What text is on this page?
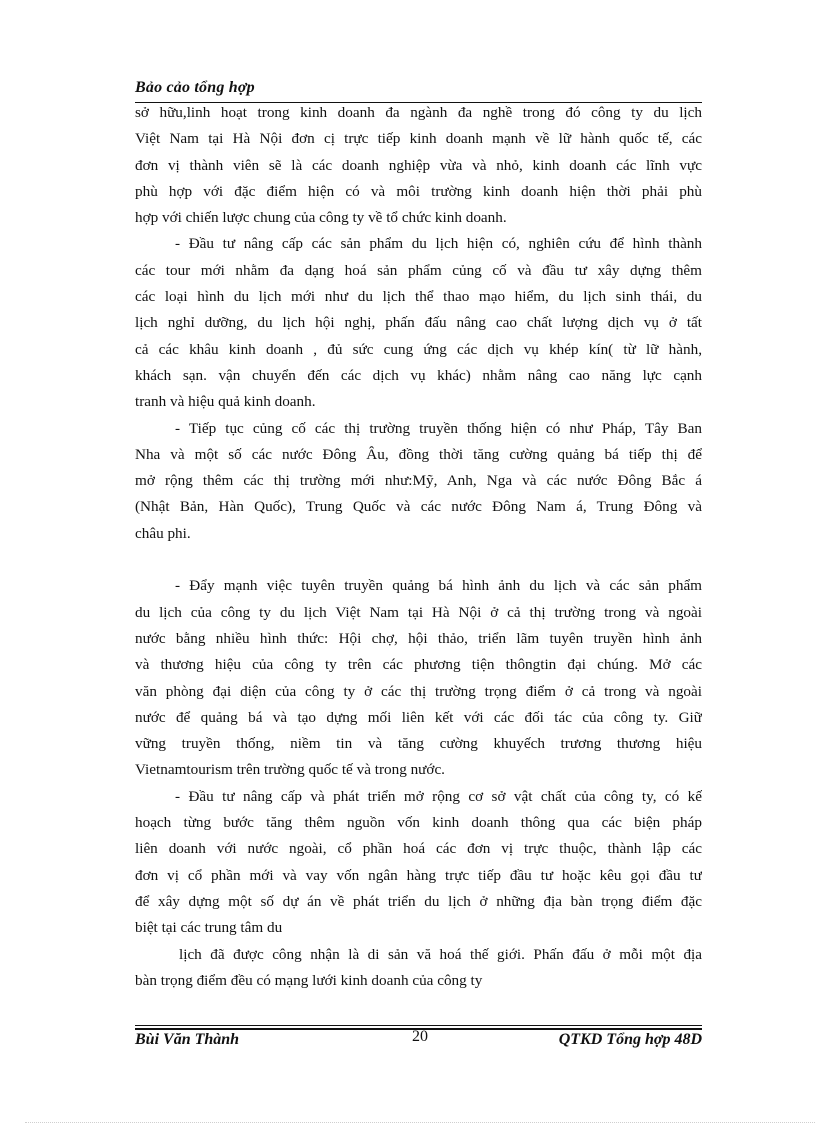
Bảo cảo tổng hợp
sở hữu,linh hoạt trong kinh doanh đa ngành đa nghề trong đó công ty du lịch
Việt Nam tại Hà Nội đơn cị trực tiếp kinh doanh mạnh về lữ hành quốc tế, các
đơn vị thành viên sẽ là các doanh nghiệp vừa và nhỏ, kinh doanh các lĩnh vực
phù hợp với đặc điểm hiện có và môi trường kinh doanh hiện thời phải phù
hợp với chiến lược chung của công ty về tổ chức kinh doanh.
- Đầu tư nâng cấp các sản phẩm du lịch hiện có, nghiên cứu để hình thành
các tour mới nhằm đa dạng hoá sản phẩm củng cố và đầu tư xây dựng thêm
các loại hình du lịch mới như du lịch thể thao mạo hiểm, du lịch sinh thái, du
lịch nghỉ dưỡng, du lịch hội nghị, phấn đấu nâng cao chất lượng dịch vụ ở tất
cả các khâu kinh doanh , đủ sức cung ứng các dịch vụ khép kín( từ lữ hành,
khách sạn. vận chuyển đến các dịch vụ khác) nhằm nâng cao năng lực cạnh
tranh và hiệu quả kinh doanh.
- Tiếp tục củng cố các thị trường truyền thống hiện có như Pháp, Tây Ban
Nha và một số các nước Đông Âu, đồng thời tăng cường quảng bá tiếp thị để
mở rộng thêm các thị trường mới như:Mỹ, Anh, Nga và các nước Đông Bắc á
(Nhật Bản, Hàn Quốc), Trung Quốc và các nước Đông Nam á, Trung Đông và
châu phi.
- Đẩy mạnh việc tuyên truyền quảng bá hình ảnh du lịch và các sản phẩm
du lịch của công ty du lịch Việt Nam tại Hà Nội ở cả thị trường trong và ngoài
nước bằng nhiều hình thức: Hội chợ, hội thảo, triển lãm tuyên truyền hình ảnh
và thương hiệu của công ty trên các phương tiện thôngtin đại chúng. Mở các
văn phòng đại diện của công ty ở các thị trường trọng điểm ở cả trong và ngoài
nước để quảng bá và tạo dựng mối liên kết với các đối tác của công ty. Giữ
vững truyền thống, niềm tin và tăng cường khuyếch trương thương hiệu
Vietnamtourism trên trường quốc tế và trong nước.
- Đầu tư nâng cấp và phát triển mở rộng cơ sở vật chất của công ty, có kế
hoạch từng bước tăng thêm nguồn vốn kinh doanh thông qua các biện pháp
liên doanh với nước ngoài, cổ phần hoá các đơn vị trực thuộc, thành lập các
đơn vị cổ phần mới và vay vốn ngân hàng trực tiếp đầu tư hoặc kêu gọi đầu tư
để xây dựng một số dự án về phát triển du lịch ở những địa bàn trọng điểm đặc
biệt tại các trung tâm du
lịch đã được công nhận là di sản vă hoá thế giới. Phấn đấu ở mỗi một địa
bàn trọng điểm đều có mạng lưới kinh doanh của công ty
Bùi Văn Thành	20	QTKD Tổng hợp 48D
